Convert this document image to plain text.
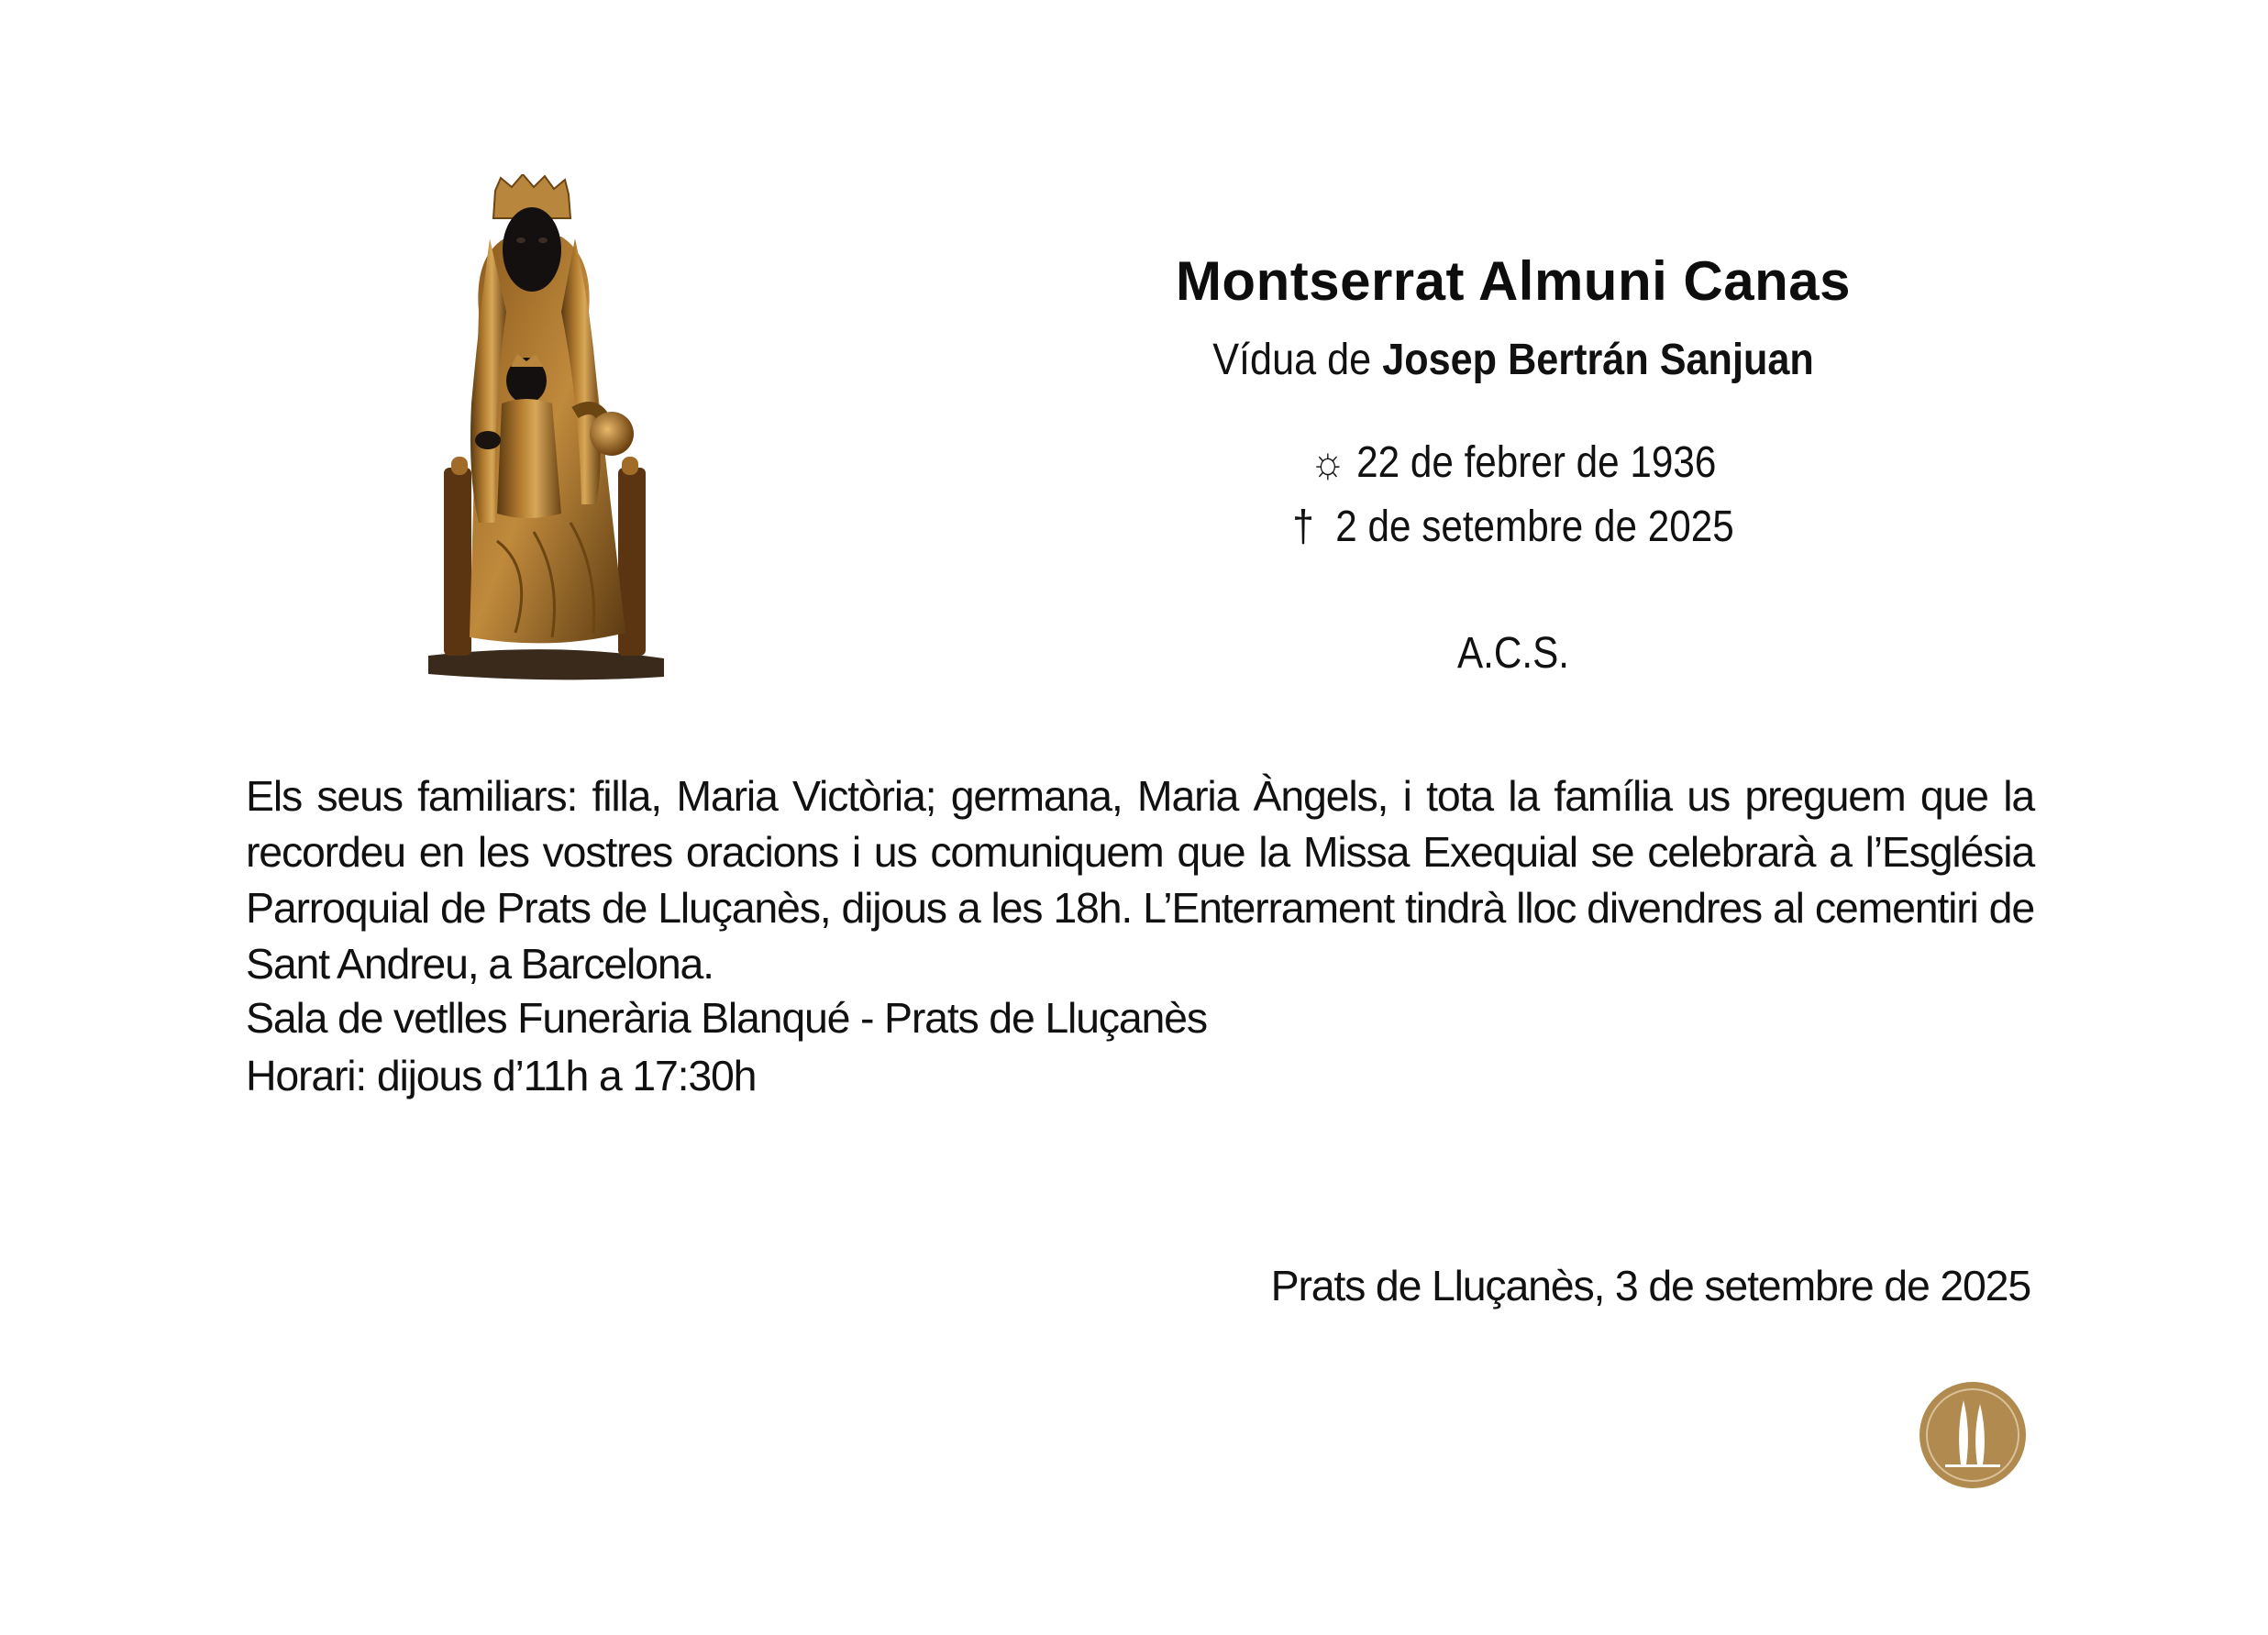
Montserrat Almuni Canas
Vídua de Josep Bertrán Sanjuan
☼ 22 de febrer de 1936
† 2 de setembre de 2025
A.C.S.
Els seus familiars: filla, Maria Victòria; germana, Maria Àngels, i tota la família us preguem que la recordeu en les vostres oracions i us comuniquem que la Missa Exequial se celebrarà a l’Església Parroquial de Prats de Lluçanès, dijous a les 18h. L’Enterrament tindrà lloc divendres al cementiri de Sant Andreu, a Barcelona.
Sala de vetlles Funerària Blanqué - Prats de Lluçanès
Horari: dijous d’11h a 17:30h
Prats de Lluçanès, 3 de setembre de 2025
